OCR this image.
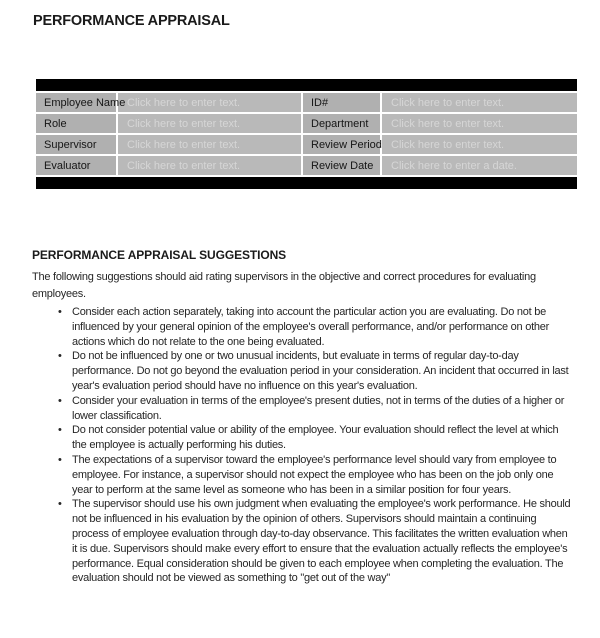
PERFORMANCE APPRAISAL

Employee Name	Click here to enter text.	ID#	Click here to enter text.
Role	Click here to enter text.	Department	Click here to enter text.
Supervisor	Click here to enter text.	Review Period	Click here to enter text.
Evaluator	Click here to enter text.	Review Date	Click here to enter a date.

PERFORMANCE APPRAISAL SUGGESTIONS

The following suggestions should aid rating supervisors in the objective and correct procedures for evaluating employees.

• Consider each action separately, taking into account the particular action you are evaluating. Do not be influenced by your general opinion of the employee's overall performance, and/or performance on other actions which do not relate to the one being evaluated.
• Do not be influenced by one or two unusual incidents, but evaluate in terms of regular day-to-day performance. Do not go beyond the evaluation period in your consideration. An incident that occurred in last year's evaluation period should have no influence on this year's evaluation.
• Consider your evaluation in terms of the employee's present duties, not in terms of the duties of a higher or lower classification.
• Do not consider potential value or ability of the employee. Your evaluation should reflect the level at which the employee is actually performing his duties.
• The expectations of a supervisor toward the employee's performance level should vary from employee to employee. For instance, a supervisor should not expect the employee who has been on the job only one year to perform at the same level as someone who has been in a similar position for four years.
• The supervisor should use his own judgment when evaluating the employee's work performance. He should not be influenced in his evaluation by the opinion of others. Supervisors should maintain a continuing process of employee evaluation through day-to-day observance. This facilitates the written evaluation when it is due. Supervisors should make every effort to ensure that the evaluation actually reflects the employee's performance. Equal consideration should be given to each employee when completing the evaluation. The evaluation should not be viewed as something to "get out of the way"
